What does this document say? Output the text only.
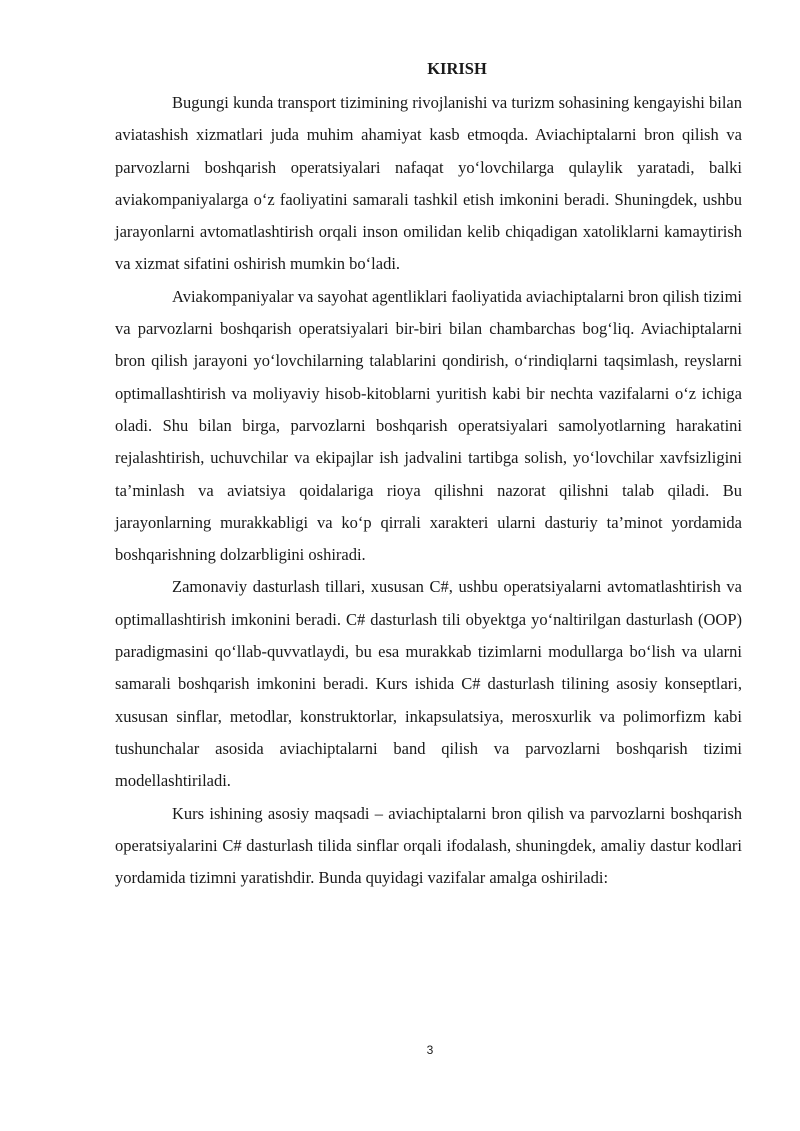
KIRISH

Bugungi kunda transport tizimining rivojlanishi va turizm sohasining kengayishi bilan aviatashish xizmatlari juda muhim ahamiyat kasb etmoqda. Aviachiptalarni bron qilish va parvozlarni boshqarish operatsiyalari nafaqat yo‘lovchilarga qulaylik yaratadi, balki aviakompaniyalarga o‘z faoliyatini samarali tashkil etish imkonini beradi. Shuningdek, ushbu jarayonlarni avtomatlashtirish orqali inson omilidan kelib chiqadigan xatoliklarni kamaytirish va xizmat sifatini oshirish mumkin bo‘ladi.

Aviakompaniyalar va sayohat agentliklari faoliyatida aviachiptalarni bron qilish tizimi va parvozlarni boshqarish operatsiyalari bir-biri bilan chambarchas bog‘liq. Aviachiptalarni bron qilish jarayoni yo‘lovchilarning talablarini qondirish, o‘rindiqlarni taqsimlash, reyslarni optimallashtirish va moliyaviy hisob-kitoblarni yuritish kabi bir nechta vazifalarni o‘z ichiga oladi. Shu bilan birga, parvozlarni boshqarish operatsiyalari samolyotlarning harakatini rejalashtirish, uchuvchilar va ekipajlar ish jadvalini tartibga solish, yo‘lovchilar xavfsizligini ta’minlash va aviatsiya qoidalariga rioya qilishni nazorat qilishni talab qiladi. Bu jarayonlarning murakkabligi va ko‘p qirrali xarakteri ularni dasturiy ta’minot yordamida boshqarishning dolzarbligini oshiradi.

Zamonaviy dasturlash tillari, xususan C#, ushbu operatsiyalarni avtomatlashtirish va optimallashtirish imkonini beradi. C# dasturlash tili obyektga yo‘naltirilgan dasturlash (OOP) paradigmasini qo‘llab-quvvatlaydi, bu esa murakkab tizimlarni modullarga bo‘lish va ularni samarali boshqarish imkonini beradi. Kurs ishida C# dasturlash tilining asosiy konseptlari, xususan sinflar, metodlar, konstruktorlar, inkapsulatsiya, merosxurlik va polimorfizm kabi tushunchalar asosida aviachiptalarni band qilish va parvozlarni boshqarish tizimi modellashtiriladi.

Kurs ishining asosiy maqsadi – aviachiptalarni bron qilish va parvozlarni boshqarish operatsiyalarini C# dasturlash tilida sinflar orqali ifodalash, shuningdek, amaliy dastur kodlari yordamida tizimni yaratishdir. Bunda quyidagi vazifalar amalga oshiriladi:

3
